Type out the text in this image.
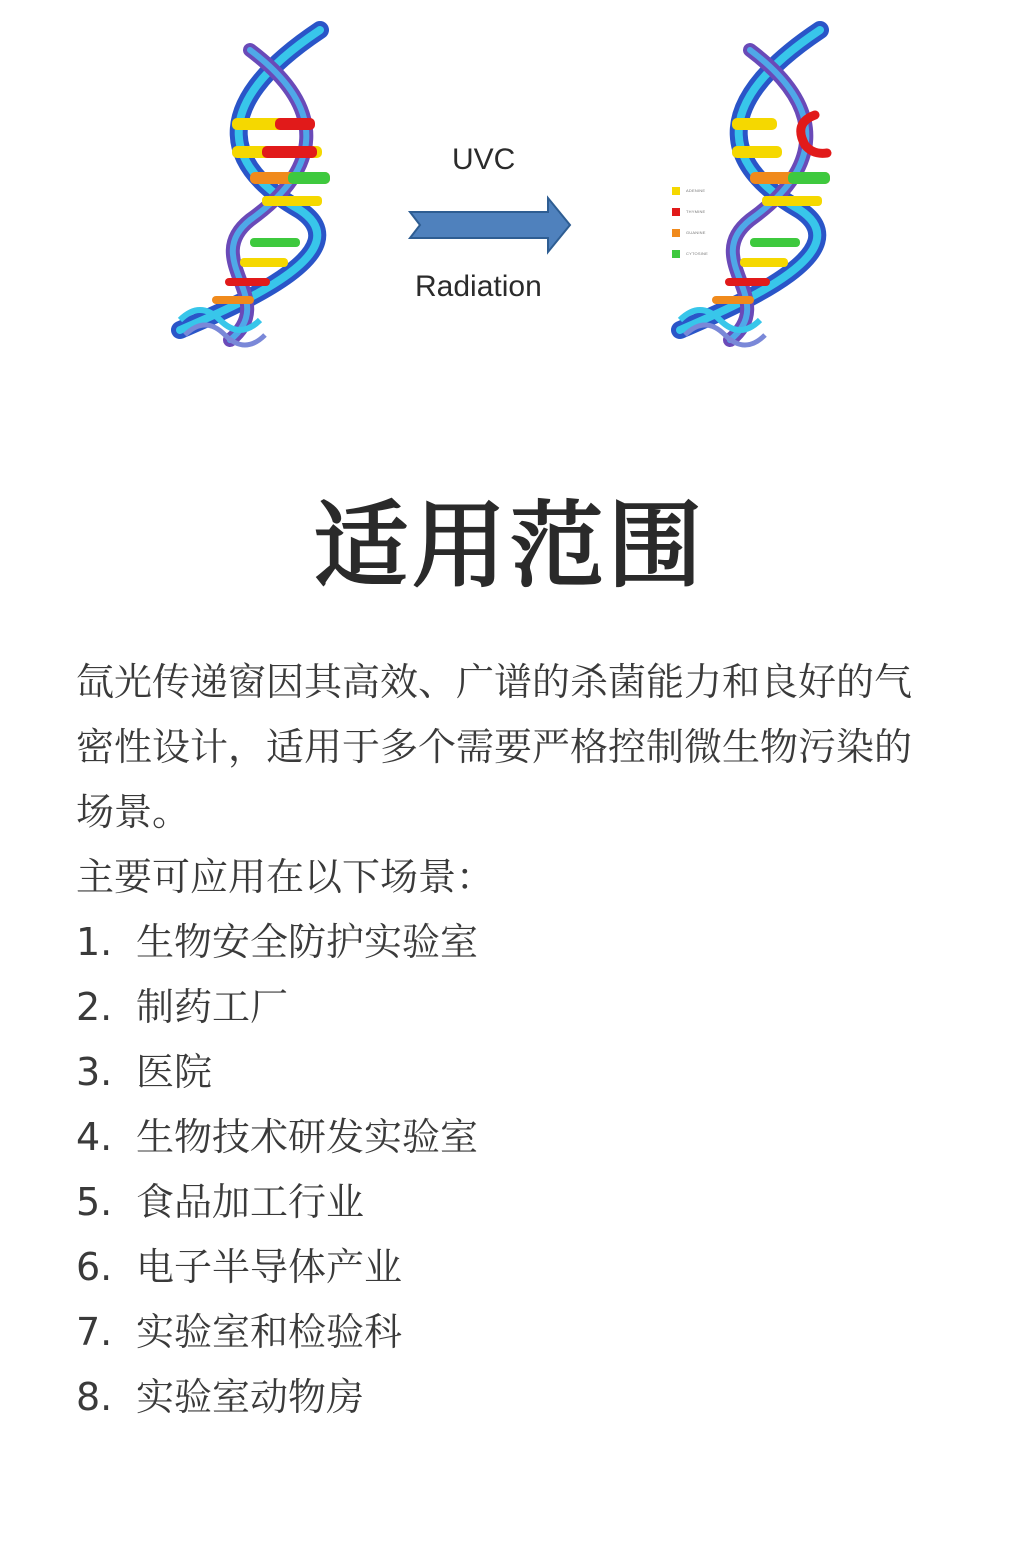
UVC
Radiation
ADENINE
THYMINE
GUANINE
CYTOSINE
适用范围

氙光传递窗因其高效、广谱的杀菌能力和良好的气密性设计，适用于多个需要严格控制微生物污染的场景。

主要可应用在以下场景：

1. 生物安全防护实验室
2. 制药工厂
3. 医院
4. 生物技术研发实验室
5. 食品加工行业
6. 电子半导体产业
7. 实验室和检验科
8. 实验室动物房
